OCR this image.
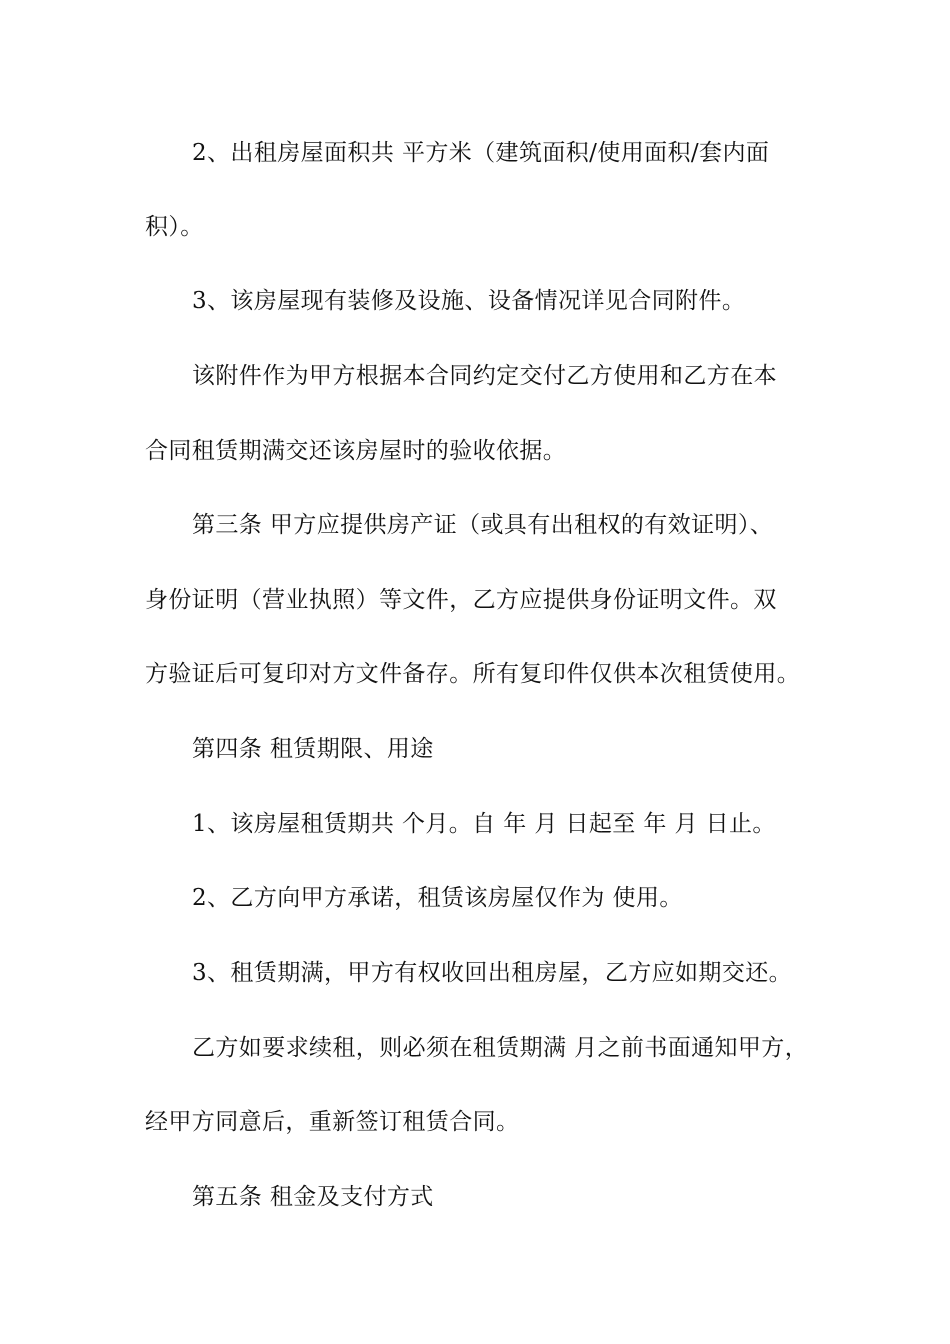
2、出租房屋面积共 平方米（建筑面积/使用面积/套内面
积）。
3、该房屋现有装修及设施、设备情况详见合同附件。
该附件作为甲方根据本合同约定交付乙方使用和乙方在本
合同租赁期满交还该房屋时的验收依据。
第三条 甲方应提供房产证（或具有出租权的有效证明）、
身份证明（营业执照）等文件，乙方应提供身份证明文件。双
方验证后可复印对方文件备存。所有复印件仅供本次租赁使用。
第四条 租赁期限、用途
1、该房屋租赁期共 个月。自 年 月 日起至 年 月 日止。
2、乙方向甲方承诺，租赁该房屋仅作为 使用。
3、租赁期满，甲方有权收回出租房屋，乙方应如期交还。
乙方如要求续租，则必须在租赁期满 月之前书面通知甲方，
经甲方同意后，重新签订租赁合同。
第五条 租金及支付方式
